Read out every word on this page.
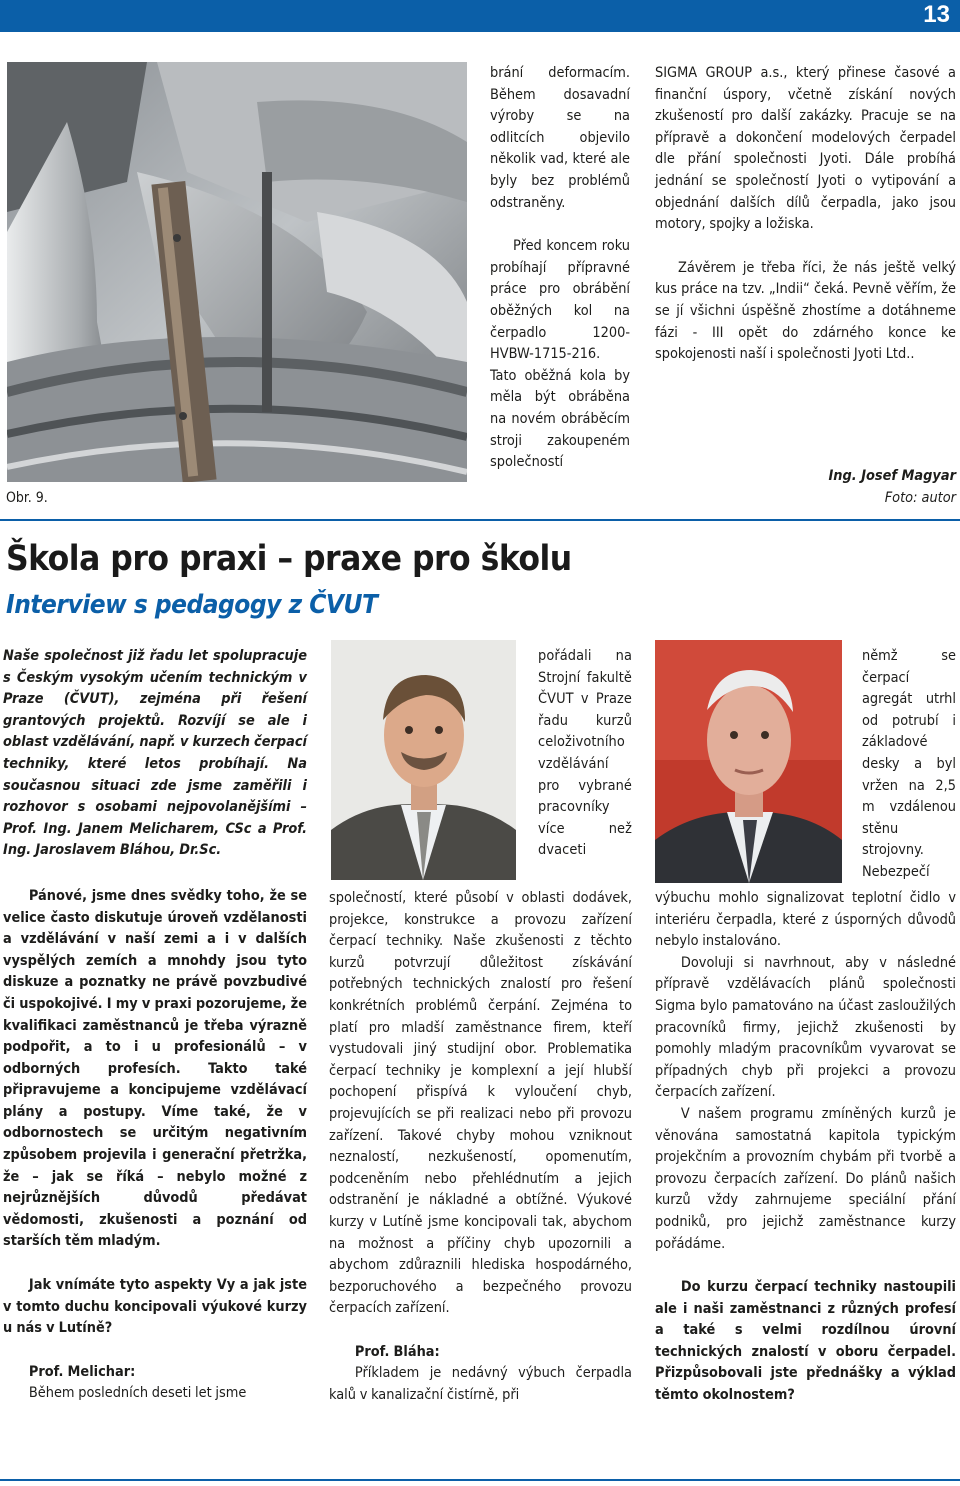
13
Obr. 9.

brání deformacím. Během dosavadní výroby se na odlitcích objevilo několik vad, které ale byly bez problémů odstraněny.

Před koncem roku probíhají přípravné práce pro obrábění oběžných kol na čerpadlo 1200-HVBW-1715-216. Tato oběžná kola by měla být obráběna na novém obráběcím stroji zakoupeném společností

SIGMA GROUP a.s., který přinese časové a finanční úspory, včetně získání nových zkušeností pro další zakázky. Pracuje se na přípravě a dokončení modelových čerpadel dle přání společnosti Jyoti. Dále probíhá jednání se společností Jyoti o vytipování a objednání dalších dílů čerpadla, jako jsou motory, spojky a ložiska.

Závěrem je třeba říci, že nás ještě velký kus práce na tzv. „Indii“ čeká. Pevně věřím, že se jí všichni úspěšně zhostíme a dotáhneme fázi - III opět do zdárného konce ke spokojenosti naší i společnosti Jyoti Ltd..

Ing. Josef Magyar
Foto: autor
Škola pro praxi – praxe pro školu
Interview s pedagogy z ČVUT

Naše společnost již řadu let spolupracuje s Českým vysokým učením technickým v Praze (ČVUT), zejména při řešení grantových projektů. Rozvíjí se ale i oblast vzdělávání, např. v kurzech čerpací techniky, které letos probíhají. Na současnou situaci zde jsme zaměřili i rozhovor s osobami nejpovolanějšími – Prof. Ing. Janem Melicharem, CSc a Prof. Ing. Jaroslavem Bláhou, Dr.Sc.

Pánové, jsme dnes svědky toho, že se velice často diskutuje úroveň vzdělanosti a vzdělávání v naší zemi a i v dalších vyspělých zemích a mnohdy jsou tyto diskuze a poznatky ne právě povzbudivé či uspokojivé. I my v praxi pozorujeme, že kvalifikaci zaměstnanců je třeba výrazně podpořit, a to i u profesionálů – v odborných profesích. Takto také připravujeme a koncipujeme vzdělávací plány a postupy. Víme také, že v odbornostech se určitým negativním způsobem projevila i generační přetržka, že – jak se říká – nebylo možné z nejrůznějších důvodů předávat vědomosti, zkušenosti a poznání od starších těm mladým.

Jak vnímáte tyto aspekty Vy a jak jste v tomto duchu koncipovali výukové kurzy u nás v Lutíně?

Prof. Melichar:

Během posledních deseti let jsme

pořádali na Strojní fakultě ČVUT v Praze řadu kurzů celoživotního vzdělávání pro vybrané pracovníky více než dvaceti

společností, které působí v oblasti dodávek, projekce, konstrukce a provozu zařízení čerpací techniky. Naše zkušenosti z těchto kurzů potvrzují důležitost získávání potřebných technických znalostí pro řešení konkrétních problémů čerpání. Zejména to platí pro mladší zaměstnance firem, kteří vystudovali jiný studijní obor. Problematika čerpací techniky je komplexní a její hlubší pochopení přispívá k vyloučení chyb, projevujících se při realizaci nebo při provozu zařízení. Takové chyby mohou vzniknout neznalostí, nezkušeností, opomenutím, podceněním nebo přehlédnutím a jejich odstranění je nákladné a obtížné. Výukové kurzy v Lutíně jsme koncipovali tak, abychom na možnost a příčiny chyb upozornili a abychom zdůraznili hlediska hospodárného, bezporuchového a bezpečného provozu čerpacích zařízení.

Prof. Bláha:

Příkladem je nedávný výbuch čerpadla kalů v kanalizační čistírně, při

němž se čerpací agregát utrhl od potrubí i základové desky a byl vržen na 2,5 m vzdálenou stěnu strojovny. Nebezpečí

výbuchu mohlo signalizovat teplotní čidlo v interiéru čerpadla, které z úsporných důvodů nebylo instalováno.

Dovoluji si navrhnout, aby v následné přípravě vzdělávacích plánů společnosti Sigma bylo pamatováno na účast zasloužilých pracovníků firmy, jejichž zkušenosti by pomohly mladým pracovníkům vyvarovat se případných chyb při projekci a provozu čerpacích zařízení.

V našem programu zmíněných kurzů je věnována samostatná kapitola typickým projekčním a provozním chybám při tvorbě a provozu čerpacích zařízení. Do plánů našich kurzů vždy zahrnujeme speciální přání podniků, pro jejichž zaměstnance kurzy pořádáme.

Do kurzu čerpací techniky nastoupili ale i naši zaměstnanci z různých profesí a také s velmi rozdílnou úrovní technických znalostí v oboru čerpadel. Přizpůsobovali jste přednášky a výklad těmto okolnostem?
